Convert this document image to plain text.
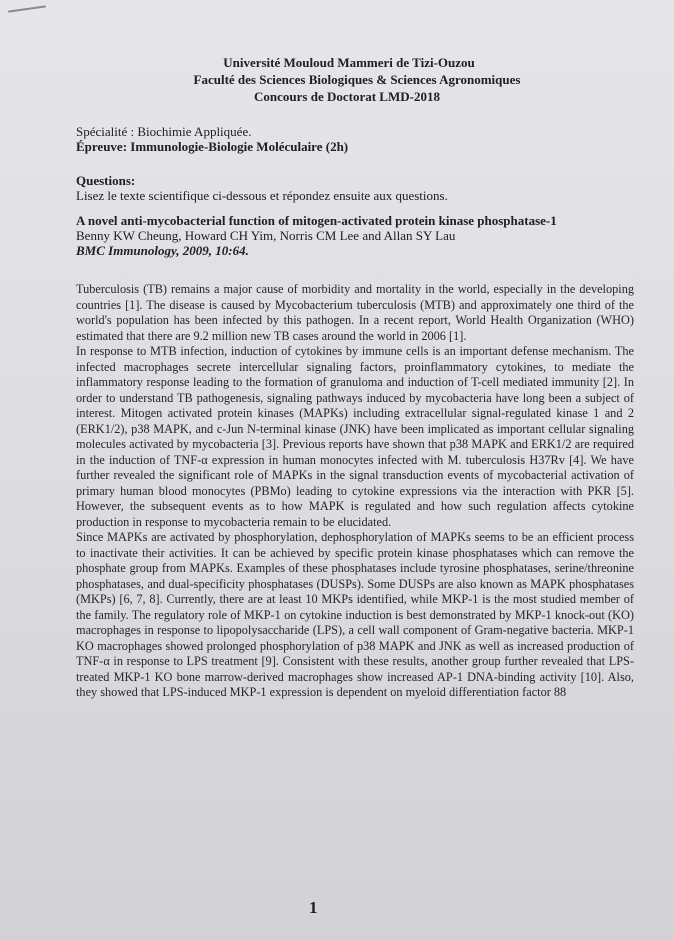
Université Mouloud Mammeri de Tizi-Ouzou
Faculté des Sciences Biologiques & Sciences Agronomiques
Concours de Doctorat LMD-2018
Spécialité : Biochimie Appliquée.
Épreuve: Immunologie-Biologie Moléculaire (2h)
Questions:
Lisez le texte scientifique ci-dessous et répondez ensuite aux questions.
A novel anti-mycobacterial function of mitogen-activated protein kinase phosphatase-1
Benny KW Cheung, Howard CH Yim, Norris CM Lee and Allan SY Lau
BMC Immunology, 2009, 10:64.

Tuberculosis (TB) remains a major cause of morbidity and mortality in the world, especially in the developing countries [1]. The disease is caused by Mycobacterium tuberculosis (MTB) and approximately one third of the world's population has been infected by this pathogen. In a recent report, World Health Organization (WHO) estimated that there are 9.2 million new TB cases around the world in 2006 [1].

In response to MTB infection, induction of cytokines by immune cells is an important defense mechanism. The infected macrophages secrete intercellular signaling factors, proinflammatory cytokines, to mediate the inflammatory response leading to the formation of granuloma and induction of T-cell mediated immunity [2]. In order to understand TB pathogenesis, signaling pathways induced by mycobacteria have long been a subject of interest. Mitogen activated protein kinases (MAPKs) including extracellular signal-regulated kinase 1 and 2 (ERK1/2), p38 MAPK, and c-Jun N-terminal kinase (JNK) have been implicated as important cellular signaling molecules activated by mycobacteria [3]. Previous reports have shown that p38 MAPK and ERK1/2 are required in the induction of TNF-α expression in human monocytes infected with M. tuberculosis H37Rv [4]. We have further revealed the significant role of MAPKs in the signal transduction events of mycobacterial activation of primary human blood monocytes (PBMo) leading to cytokine expressions via the interaction with PKR [5]. However, the subsequent events as to how MAPK is regulated and how such regulation affects cytokine production in response to mycobacteria remain to be elucidated.

Since MAPKs are activated by phosphorylation, dephosphorylation of MAPKs seems to be an efficient process to inactivate their activities. It can be achieved by specific protein kinase phosphatases which can remove the phosphate group from MAPKs. Examples of these phosphatases include tyrosine phosphatases, serine/threonine phosphatases, and dual-specificity phosphatases (DUSPs). Some DUSPs are also known as MAPK phosphatases (MKPs) [6, 7, 8]. Currently, there are at least 10 MKPs identified, while MKP-1 is the most studied member of the family. The regulatory role of MKP-1 on cytokine induction is best demonstrated by MKP-1 knock-out (KO) macrophages in response to lipopolysaccharide (LPS), a cell wall component of Gram-negative bacteria. MKP-1 KO macrophages showed prolonged phosphorylation of p38 MAPK and JNK as well as increased production of TNF-α in response to LPS treatment [9]. Consistent with these results, another group further revealed that LPS-treated MKP-1 KO bone marrow-derived macrophages show increased AP-1 DNA-binding activity [10]. Also, they showed that LPS-induced MKP-1 expression is dependent on myeloid differentiation factor 88

1
